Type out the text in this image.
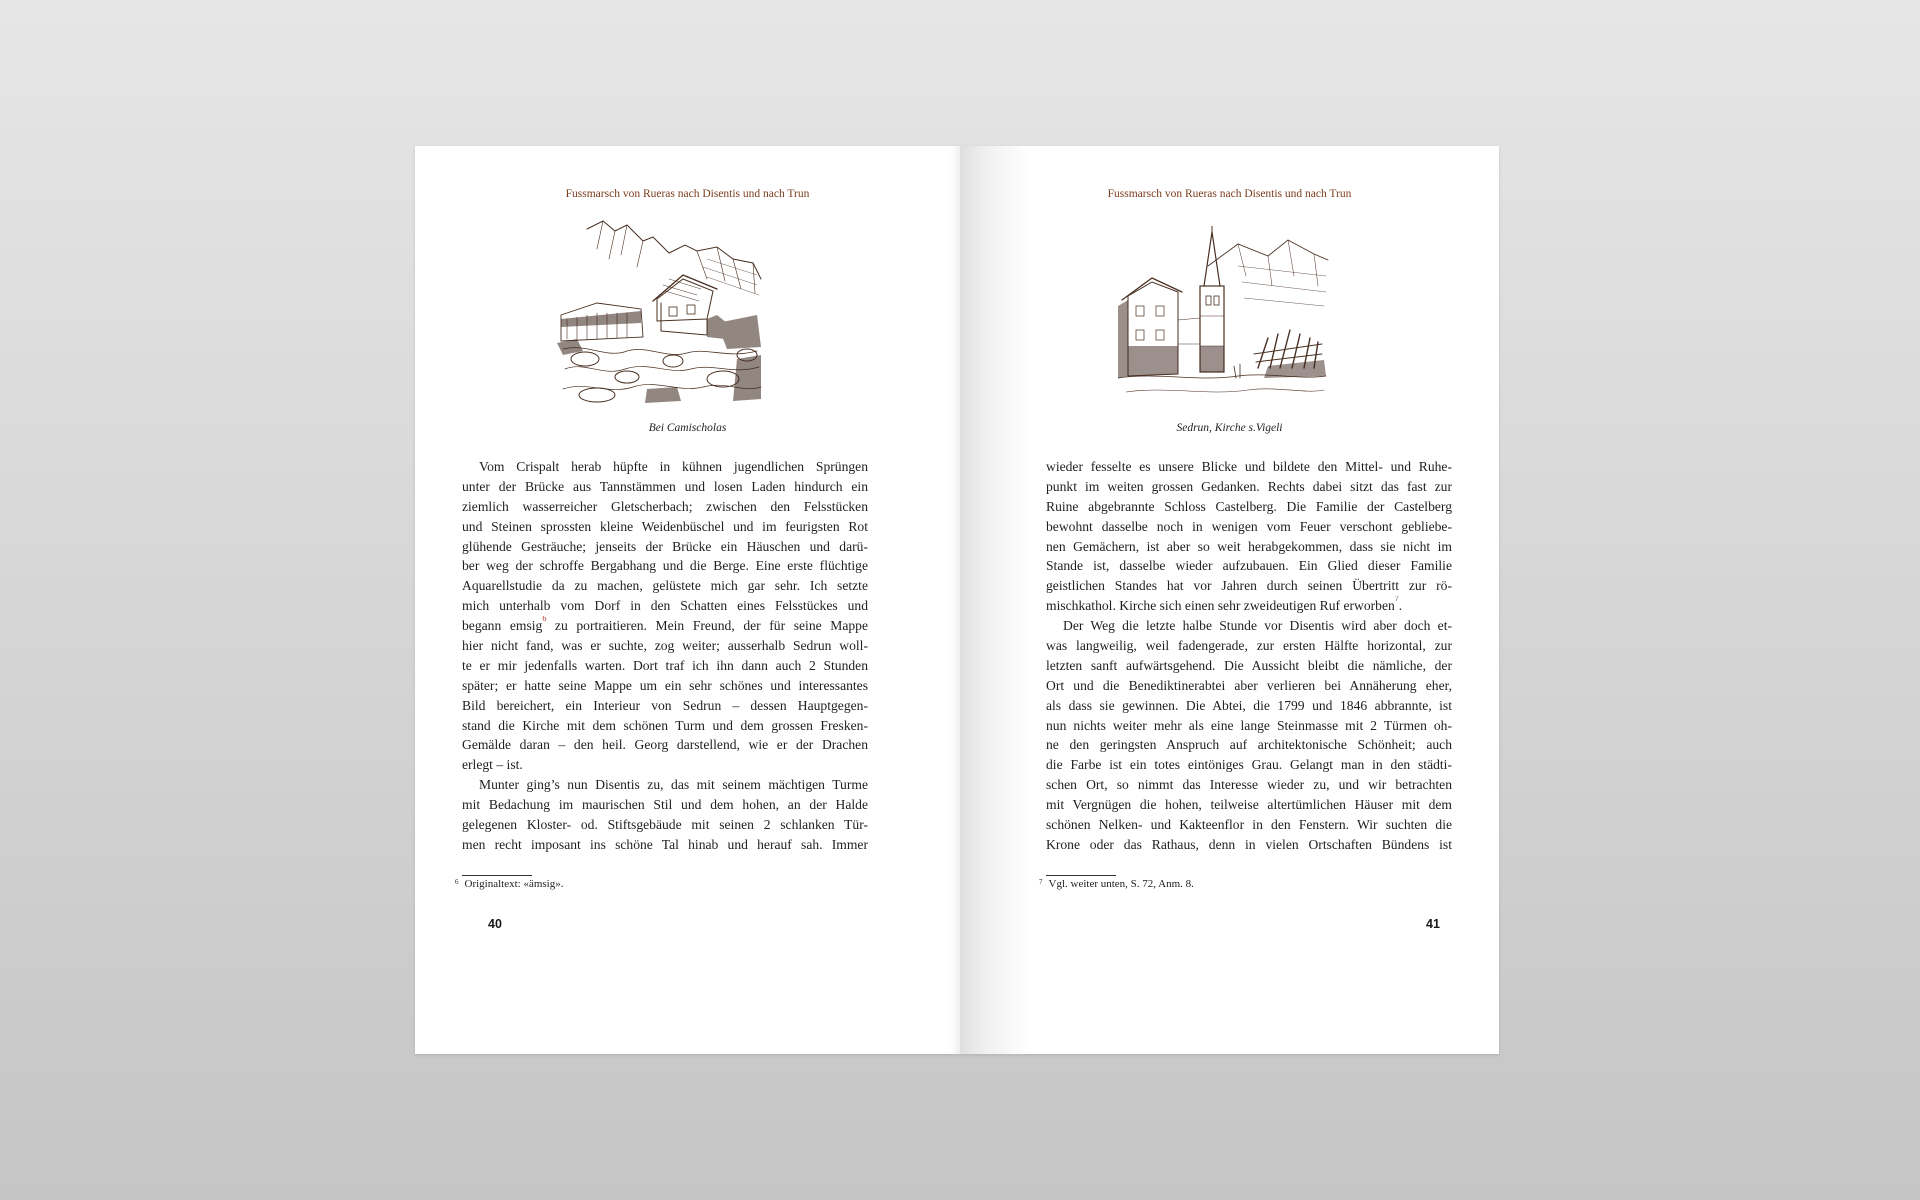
Fussmarsch von Rueras nach Disentis und nach Trun
Bei Camischolas
Vom Crispalt herab hüpfte in kühnen jugendlichen Sprüngen
unter der Brücke aus Tannstämmen und losen Laden hindurch ein
ziemlich wasserreicher Gletscherbach; zwischen den Felsstücken
und Steinen sprossten kleine Weidenbüschel und im feurigsten Rot
glühende Gesträuche; jenseits der Brücke ein Häuschen und darü-
ber weg der schroffe Bergabhang und die Berge. Eine erste flüchtige
Aquarellstudie da zu machen, gelüstete mich gar sehr. Ich setzte
mich unterhalb vom Dorf in den Schatten eines Felsstückes und
begann emsig$^6$ zu portraitieren. Mein Freund, der für seine Mappe
hier nicht fand, was er suchte, zog weiter; ausserhalb Sedrun woll-
te er mir jedenfalls warten. Dort traf ich ihn dann auch 2 Stunden
später; er hatte seine Mappe um ein sehr schönes und interessantes
Bild bereichert, ein Interieur von Sedrun – dessen Hauptgegen-
stand die Kirche mit dem schönen Turm und dem grossen Fresken-
Gemälde daran – den heil. Georg darstellend, wie er der Drachen
erlegt – ist.
Munter ging’s nun Disentis zu, das mit seinem mächtigen Turme
mit Bedachung im maurischen Stil und dem hohen, an der Halde
gelegenen Kloster- od. Stiftsgebäude mit seinen 2 schlanken Tür-
men recht imposant ins schöne Tal hinab und herauf sah. Immer
$^6$ Originaltext: «ämsig».
40
Fussmarsch von Rueras nach Disentis und nach Trun
Sedrun, Kirche s.Vigeli
wieder fesselte es unsere Blicke und bildete den Mittel- und Ruhe-
punkt im weiten grossen Gedanken. Rechts dabei sitzt das fast zur
Ruine abgebrannte Schloss Castelberg. Die Familie der Castelberg
bewohnt dasselbe noch in wenigen vom Feuer verschont gebliebe-
nen Gemächern, ist aber so weit herabgekommen, dass sie nicht im
Stande ist, dasselbe wieder aufzubauen. Ein Glied dieser Familie
geistlichen Standes hat vor Jahren durch seinen Übertritt zur rö-
mischkathol. Kirche sich einen sehr zweideutigen Ruf erworben$^7$.
Der Weg die letzte halbe Stunde vor Disentis wird aber doch et-
was langweilig, weil fadengerade, zur ersten Hälfte horizontal, zur
letzten sanft aufwärtsgehend. Die Aussicht bleibt die nämliche, der
Ort und die Benediktinerabtei aber verlieren bei Annäherung eher,
als dass sie gewinnen. Die Abtei, die 1799 und 1846 abbrannte, ist
nun nichts weiter mehr als eine lange Steinmasse mit 2 Türmen oh-
ne den geringsten Anspruch auf architektonische Schönheit; auch
die Farbe ist ein totes eintöniges Grau. Gelangt man in den städti-
schen Ort, so nimmt das Interesse wieder zu, und wir betrachten
mit Vergnügen die hohen, teilweise altertümlichen Häuser mit dem
schönen Nelken- und Kakteenflor in den Fenstern. Wir suchten die
Krone oder das Rathaus, denn in vielen Ortschaften Bündens ist
$^7$ Vgl. weiter unten, S. 72, Anm. 8.
41
